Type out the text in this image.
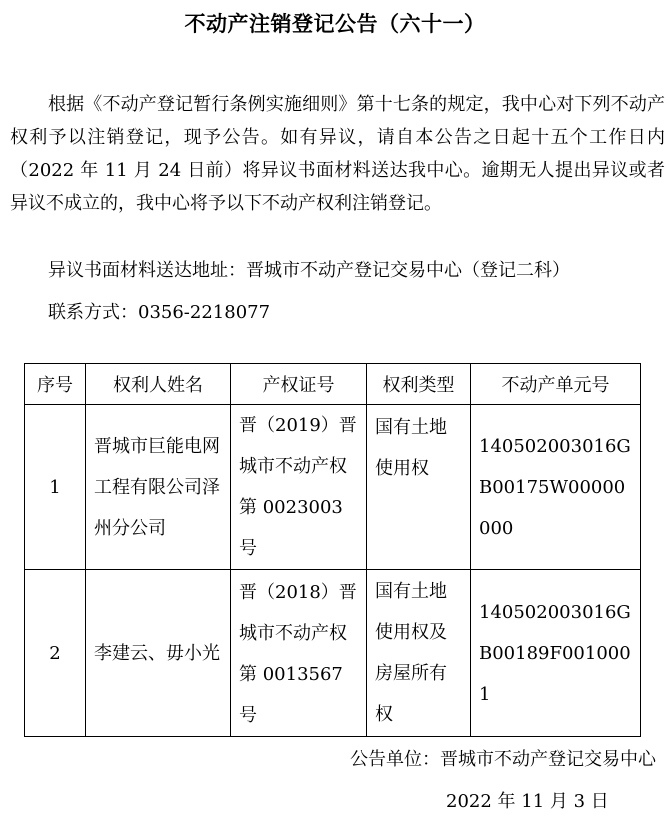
不动产注销登记公告（六十一）

根据《不动产登记暂行条例实施细则》第十七条的规定，我中心对下列不动产权利予以注销登记，现予公告。如有异议，请自本公告之日起十五个工作日内（2022 年 11 月 24 日前）将异议书面材料送达我中心。逾期无人提出异议或者异议不成立的，我中心将予以下不动产权利注销登记。

异议书面材料送达地址：晋城市不动产登记交易中心（登记二科）
联系方式：0356-2218077
序号	权利人姓名	产权证号	权利类型	不动产单元号
1	晋城市巨能电网工程有限公司泽州分公司	晋（2019）晋城市不动产权第 0023003 号	国有土地使用权	140502003016GB00175W00000000
2	李建云、毋小光	晋（2018）晋城市不动产权第 0013567 号	国有土地使用权及房屋所有权	140502003016GB00189F0010001
公告单位：晋城市不动产登记交易中心
2022 年 11 月 3 日
